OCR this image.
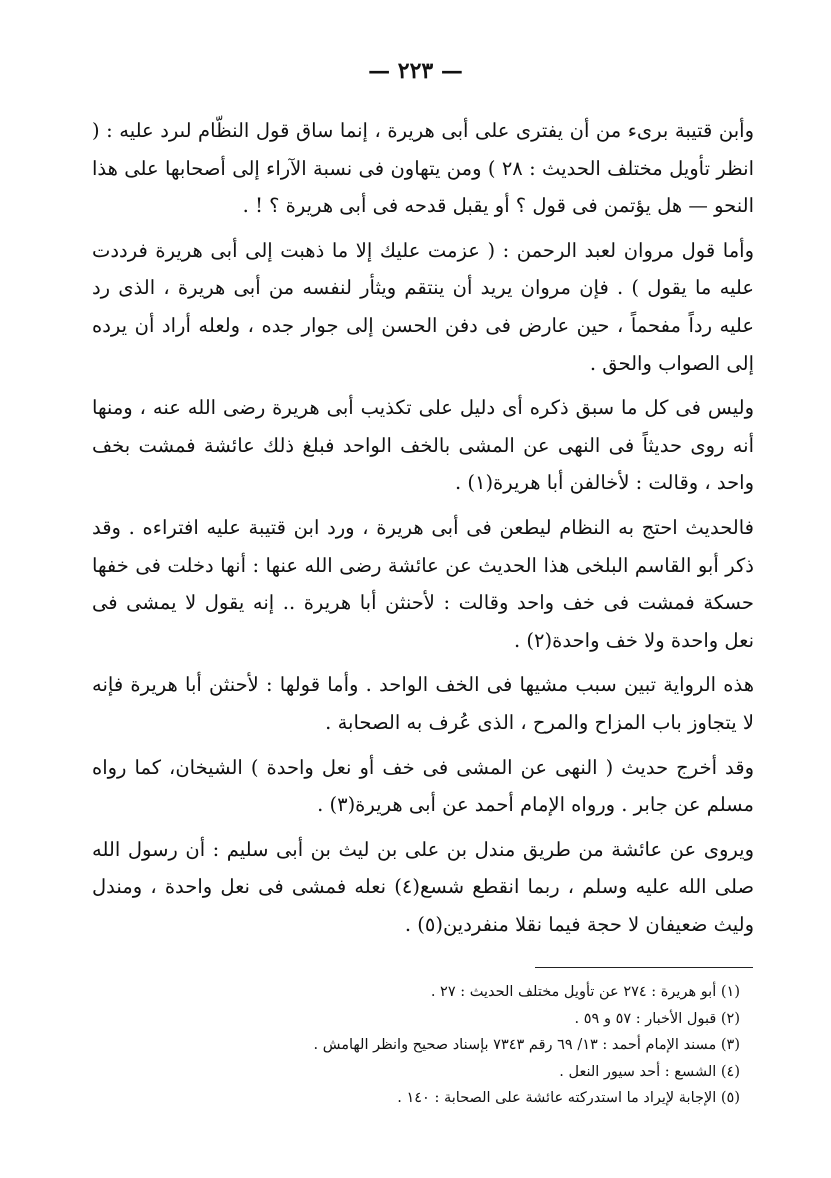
— ٢٢٣ —

وأبن قتيبة برىء من أن يفترى على أبى هريرة ، إنما ساق قول النظّام لىرد عليه : ( انظر تأويل مختلف الحديث : ٢٨ ) ومن يتهاون فى نسبة الآراء إلى أصحابها على هذا النحو — هل يؤتمن فى قول ؟ أو يقبل قدحه فى أبى هريرة ؟ ! .

وأما قول مروان لعبد الرحمن : ( عزمت عليك إلا ما ذهبت إلى أبى هريرة فرددت عليه ما يقول ) . فإن مروان يريد أن ينتقم ويثأر لنفسه من أبى هريرة ، الذى رد عليه رداً مفحماً ، حين عارض فى دفن الحسن إلى جوار جده ، ولعله أراد أن يرده إلى الصواب والحق .

وليس فى كل ما سبق ذكره أى دليل على تكذيب أبى هريرة رضى الله عنه ، ومنها أنه روى حديثاً فى النهى عن المشى بالخف الواحد فبلغ ذلك عائشة فمشت بخف واحد ، وقالت : لأخالفن أبا هريرة(١) .

فالحديث احتج به النظام ليطعن فى أبى هريرة ، ورد ابن قتيبة عليه افتراءه . وقد ذكر أبو القاسم البلخى هذا الحديث عن عائشة رضى الله عنها : أنها دخلت فى خفها حسكة فمشت فى خف واحد وقالت : لأحنثن أبا هريرة .. إنه يقول لا يمشى فى نعل واحدة ولا خف واحدة(٢) .

هذه الرواية تبين سبب مشيها فى الخف الواحد . وأما قولها : لأحنثن أبا هريرة فإنه لا يتجاوز باب المزاح والمرح ، الذى عُرف به الصحابة .

وقد أخرج حديث ( النهى عن المشى فى خف أو نعل واحدة ) الشيخان، كما رواه مسلم عن جابر . ورواه الإمام أحمد عن أبى هريرة(٣) .

ويروى عن عائشة من طريق مندل بن على بن ليث بن أبى سليم : أن رسول الله صلى الله عليه وسلم ، ربما انقطع شسع(٤) نعله فمشى فى نعل واحدة ، ومندل وليث ضعيفان لا حجة فيما نقلا منفردين(٥) .

(١) أبو هريرة : ٢٧٤ عن تأويل مختلف الحديث : ٢٧ .

(٢) قبول الأخبار : ٥٧ و ٥٩ .

(٣) مسند الإمام أحمد : ١٣/ ٦٩ رقم ٧٣٤٣ بإسناد صحيح وانظر الهامش .

(٤) الشسع : أحد سيور النعل .

(٥) الإجابة لإيراد ما استدركته عائشة على الصحابة : ١٤٠ .
